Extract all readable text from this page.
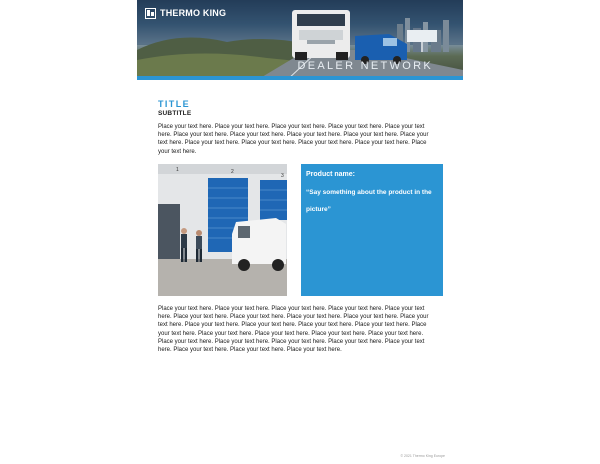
THERMO KING
DEALER NETWORK
TITLE
SUBTITLE
Place your text here. Place your text here. Place your text here. Place your text here. Place your text here. Place your text here. Place your text here. Place your text here. Place your text here. Place your text here. Place your text here. Place your text here. Place your text here. Place your text here. Place your text here.
1	2
3	Product name:
“Say something about the product in the picture”
Place your text here. Place your text here. Place your text here. Place your text here. Place your text here. Place your text here. Place your text here. Place your text here. Place your text here. Place your text here. Place your text here. Place your text here. Place your text here. Place your text here. Place your text here. Place your text here. Place your text here. Place your text here. Place your text here. Place your text here. Place your text here. Place your text here. Place your text here. Place your text here. Place your text here. Place your text here. Place your text here.
© 2021 Thermo King Europe
